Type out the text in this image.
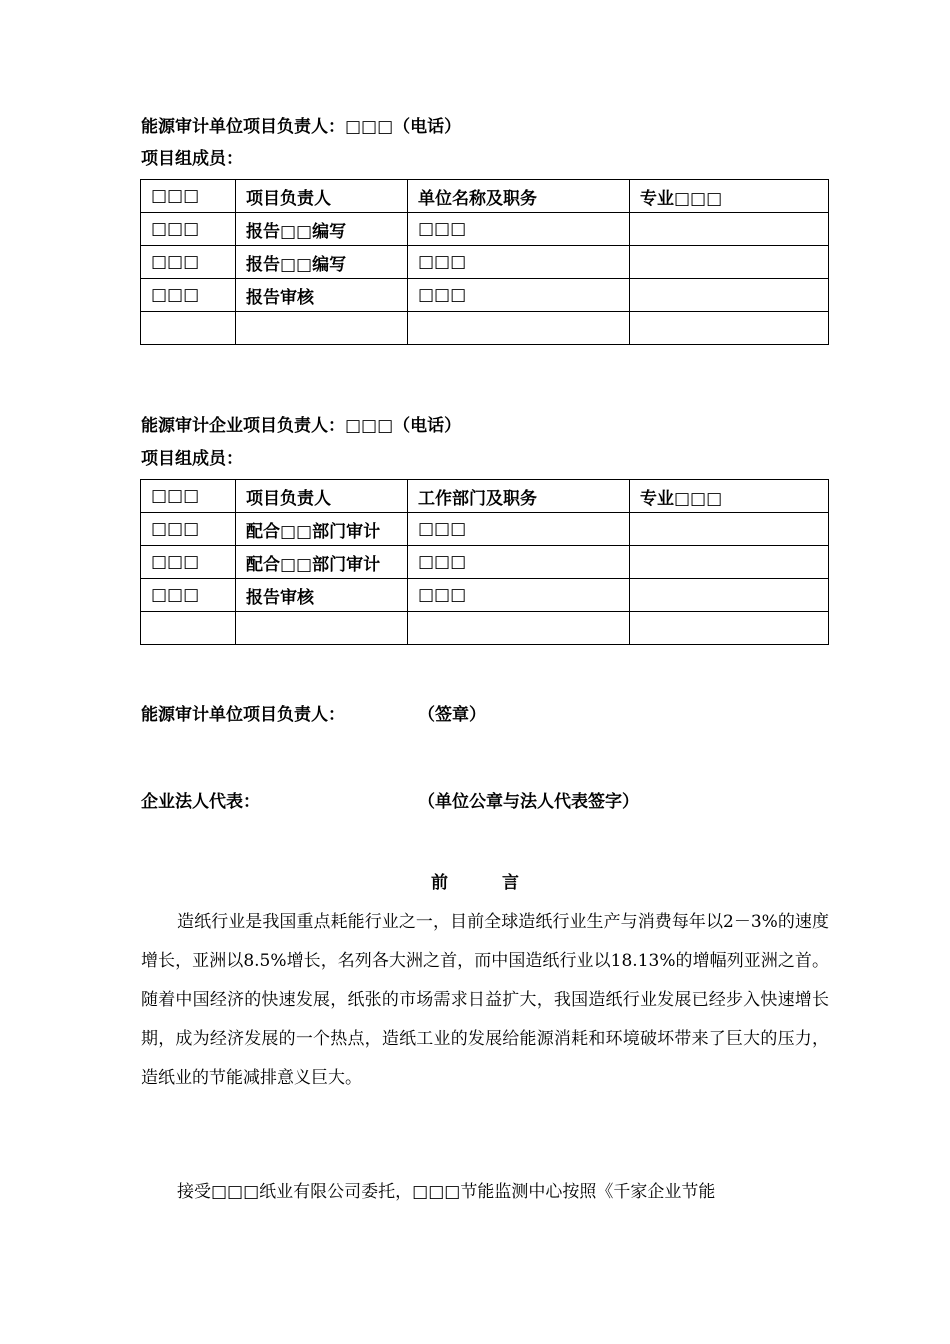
能源审计单位项目负责人：□□□（电话）
项目组成员：
□□□	项目负责人	单位名称及职务	专业□□□
□□□	报告□□编写	□□□	
□□□	报告□□编写	□□□	
□□□	报告审核	□□□	

能源审计企业项目负责人：□□□（电话）
项目组成员：
□□□	项目负责人	工作部门及职务	专业□□□
□□□	配合□□部门审计	□□□	
□□□	配合□□部门审计	□□□	
□□□	报告审核	□□□	

能源审计单位项目负责人：	（签章）
企业法人代表：	（单位公章与法人代表签字）
前言

造纸行业是我国重点耗能行业之一，目前全球造纸行业生产与消费每年以2－3%的速度增长，亚洲以8.5%增长，名列各大洲之首，而中国造纸行业以18.13%的增幅列亚洲之首。随着中国经济的快速发展，纸张的市场需求日益扩大，我国造纸行业发展已经步入快速增长期，成为经济发展的一个热点，造纸工业的发展给能源消耗和环境破坏带来了巨大的压力，造纸业的节能减排意义巨大。

接受□□□纸业有限公司委托，□□□节能监测中心按照《千家企业节能
